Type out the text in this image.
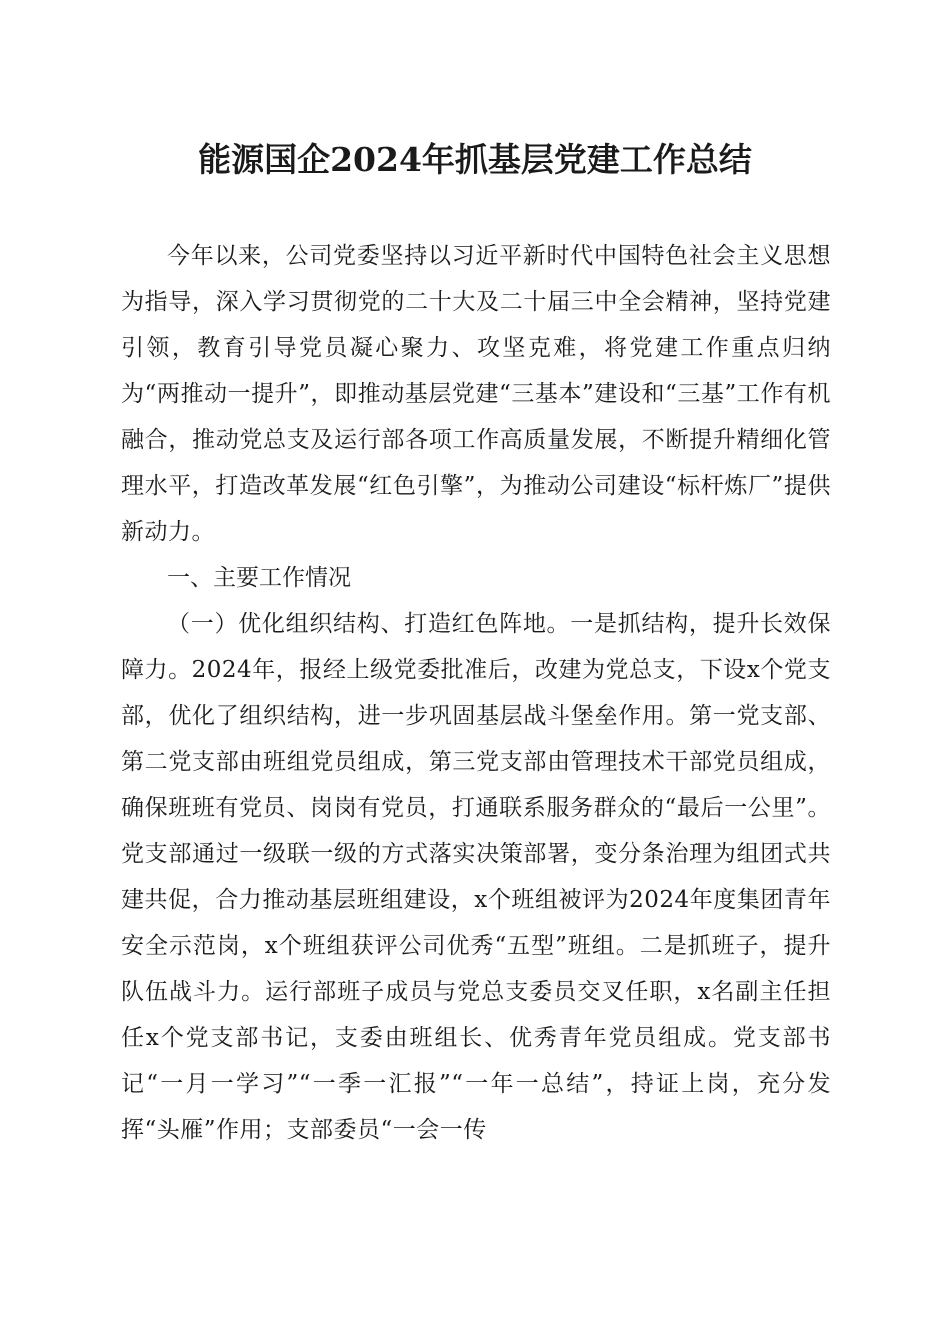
能源国企2024年抓基层党建工作总结

今年以来，公司党委坚持以习近平新时代中国特色社会主义思想为指导，深入学习贯彻党的二十大及二十届三中全会精神，坚持党建引领，教育引导党员凝心聚力、攻坚克难，将党建工作重点归纳为“两推动一提升”，即推动基层党建“三基本”建设和“三基”工作有机融合，推动党总支及运行部各项工作高质量发展，不断提升精细化管理水平，打造改革发展“红色引擎”，为推动公司建设“标杆炼厂”提供新动力。

一、主要工作情况

（一）优化组织结构、打造红色阵地。一是抓结构，提升长效保障力。2024年，报经上级党委批准后，改建为党总支，下设x个党支部，优化了组织结构，进一步巩固基层战斗堡垒作用。第一党支部、第二党支部由班组党员组成，第三党支部由管理技术干部党员组成，确保班班有党员、岗岗有党员，打通联系服务群众的“最后一公里”。党支部通过一级联一级的方式落实决策部署，变分条治理为组团式共建共促，合力推动基层班组建设，x个班组被评为2024年度集团青年安全示范岗，x个班组获评公司优秀“五型”班组。二是抓班子，提升队伍战斗力。运行部班子成员与党总支委员交叉任职，x名副主任担任x个党支部书记，支委由班组长、优秀青年党员组成。党支部书记“一月一学习”“一季一汇报”“一年一总结”，持证上岗，充分发挥“头雁”作用；支部委员“一会一传
